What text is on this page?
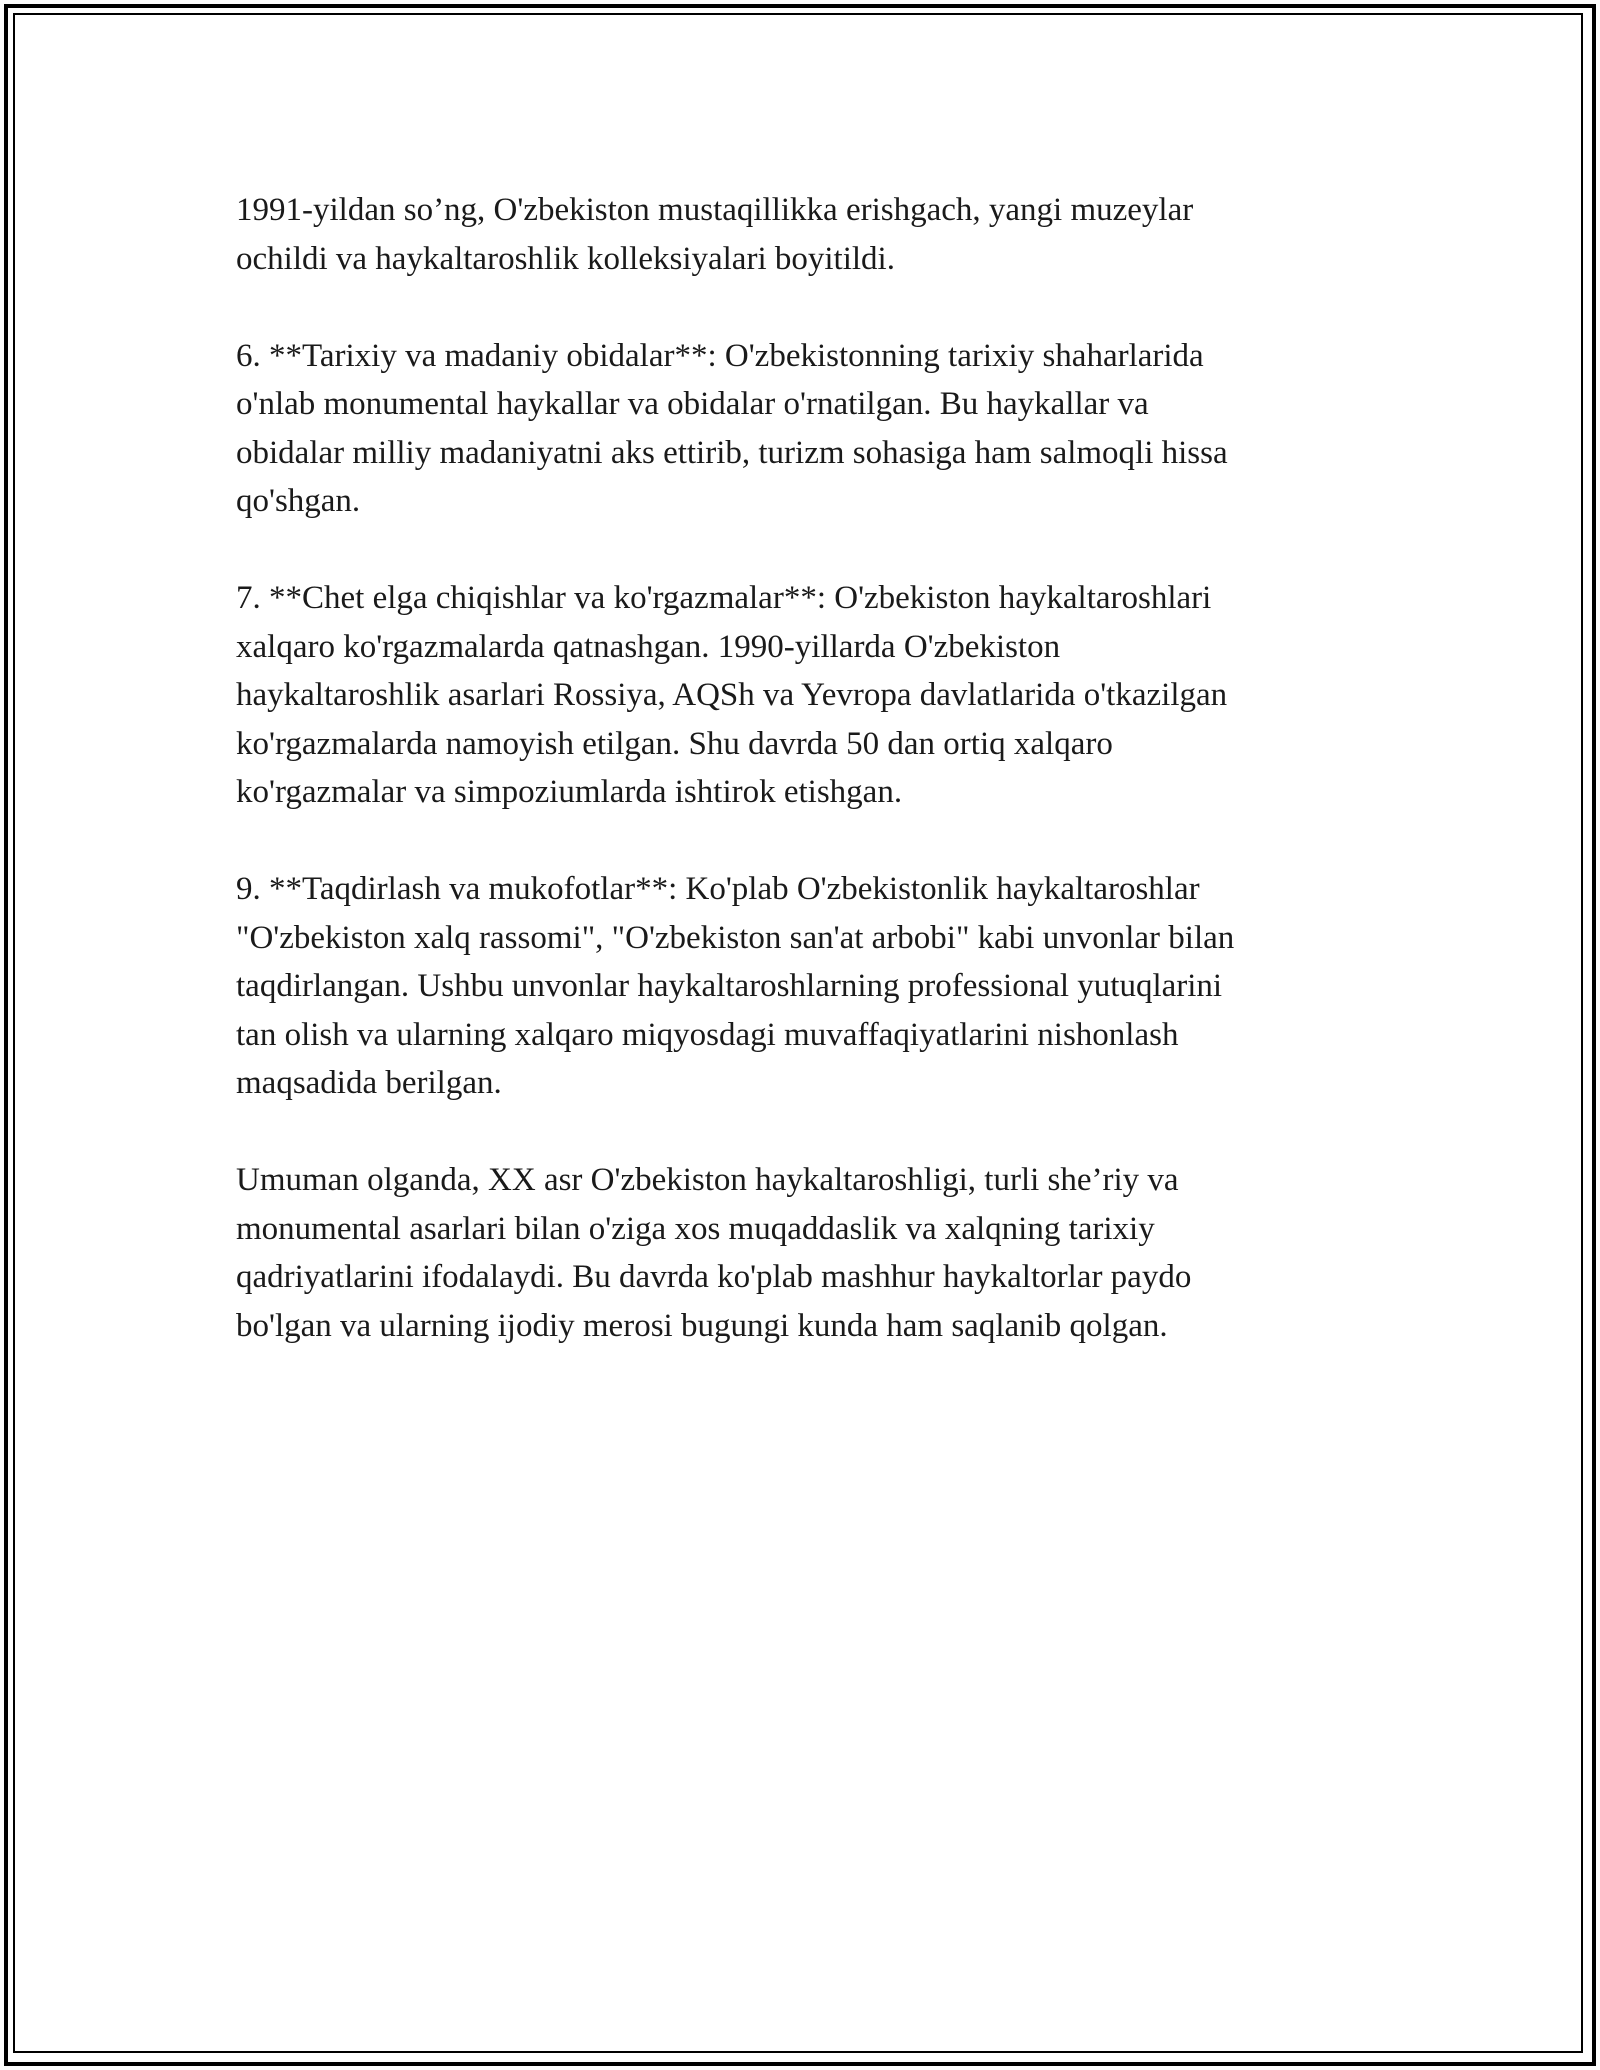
1991-yildan so’ng, O'zbekiston mustaqillikka erishgach, yangi muzeylar
ochildi va haykaltaroshlik kolleksiyalari boyitildi.

6. **Tarixiy va madaniy obidalar**: O'zbekistonning tarixiy shaharlarida
o'nlab monumental haykallar va obidalar o'rnatilgan. Bu haykallar va
obidalar milliy madaniyatni aks ettirib, turizm sohasiga ham salmoqli hissa
qo'shgan.

7. **Chet elga chiqishlar va ko'rgazmalar**: O'zbekiston haykaltaroshlari
xalqaro ko'rgazmalarda qatnashgan. 1990-yillarda O'zbekiston
haykaltaroshlik asarlari Rossiya, AQSh va Yevropa davlatlarida o'tkazilgan
ko'rgazmalarda namoyish etilgan. Shu davrda 50 dan ortiq xalqaro
ko'rgazmalar va simpoziumlarda ishtirok etishgan.

9. **Taqdirlash va mukofotlar**: Ko'plab O'zbekistonlik haykaltaroshlar
"O'zbekiston xalq rassomi", "O'zbekiston san'at arbobi" kabi unvonlar bilan
taqdirlangan. Ushbu unvonlar haykaltaroshlarning professional yutuqlarini
tan olish va ularning xalqaro miqyosdagi muvaffaqiyatlarini nishonlash
maqsadida berilgan.

Umuman olganda, XX asr O'zbekiston haykaltaroshligi, turli she’riy va
monumental asarlari bilan o'ziga xos muqaddaslik va xalqning tarixiy
qadriyatlarini ifodalaydi. Bu davrda ko'plab mashhur haykaltorlar paydo
bo'lgan va ularning ijodiy merosi bugungi kunda ham saqlanib qolgan.
